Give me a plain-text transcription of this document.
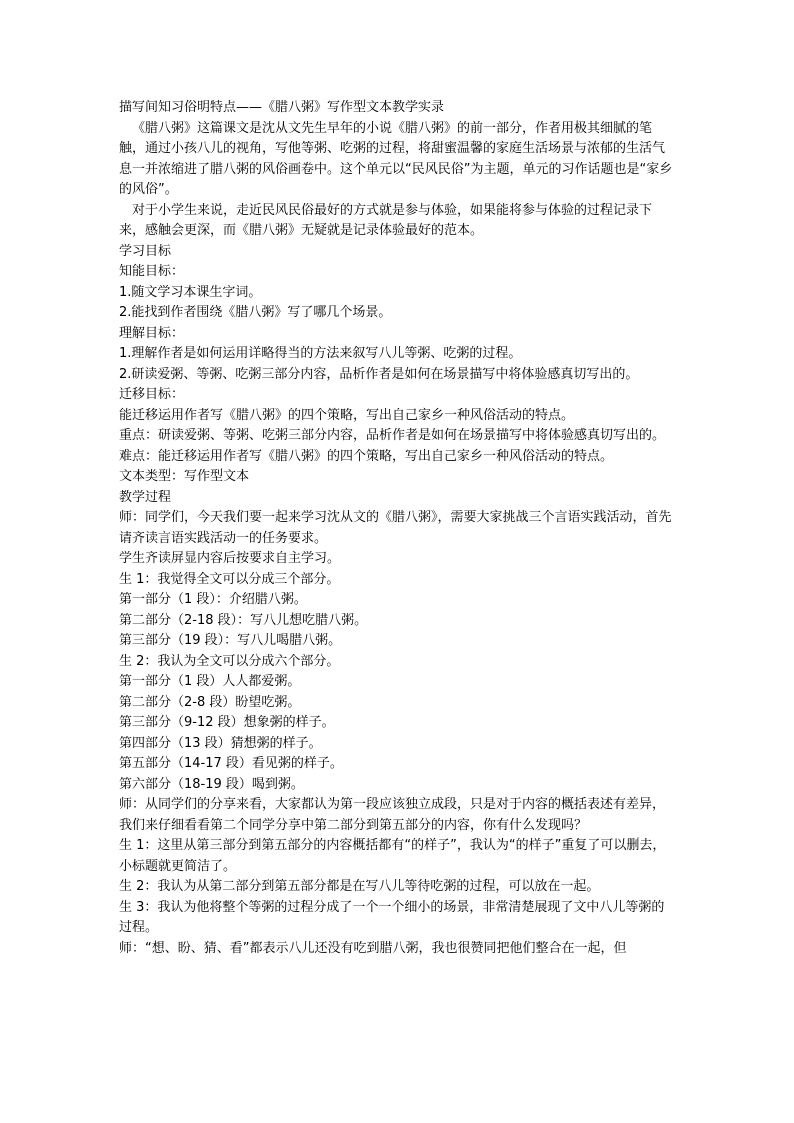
描写间知习俗明特点——《腊八粥》写作型文本教学实录

《腊八粥》这篇课文是沈从文先生早年的小说《腊八粥》的前一部分，作者用极其细腻的笔触，通过小孩八儿的视角，写他等粥、吃粥的过程，将甜蜜温馨的家庭生活场景与浓郁的生活气息一并浓缩进了腊八粥的风俗画卷中。这个单元以“民风民俗”为主题，单元的习作话题也是“家乡的风俗”。

对于小学生来说，走近民风民俗最好的方式就是参与体验，如果能将参与体验的过程记录下来，感触会更深，而《腊八粥》无疑就是记录体验最好的范本。

学习目标

知能目标：

1.随文学习本课生字词。

2.能找到作者围绕《腊八粥》写了哪几个场景。

理解目标：

1.理解作者是如何运用详略得当的方法来叙写八儿等粥、吃粥的过程。

2.研读爱粥、等粥、吃粥三部分内容，品析作者是如何在场景描写中将体验感真切写出的。

迁移目标：

能迁移运用作者写《腊八粥》的四个策略，写出自己家乡一种风俗活动的特点。

重点：研读爱粥、等粥、吃粥三部分内容，品析作者是如何在场景描写中将体验感真切写出的。

难点：能迁移运用作者写《腊八粥》的四个策略，写出自己家乡一种风俗活动的特点。

文本类型：写作型文本

教学过程

师：同学们，今天我们要一起来学习沈从文的《腊八粥》，需要大家挑战三个言语实践活动，首先请齐读言语实践活动一的任务要求。

学生齐读屏显内容后按要求自主学习。

生 1：我觉得全文可以分成三个部分。

第一部分（1 段）：介绍腊八粥。

第二部分（2-18 段）：写八儿想吃腊八粥。

第三部分（19 段）：写八儿喝腊八粥。

生 2：我认为全文可以分成六个部分。

第一部分（1 段）人人都爱粥。

第二部分（2-8 段）盼望吃粥。

第三部分（9-12 段）想象粥的样子。

第四部分（13 段）猜想粥的样子。

第五部分（14-17 段）看见粥的样子。

第六部分（18-19 段）喝到粥。

师：从同学们的分享来看，大家都认为第一段应该独立成段，只是对于内容的概括表述有差异，我们来仔细看看第二个同学分享中第二部分到第五部分的内容，你有什么发现吗？

生 1：这里从第三部分到第五部分的内容概括都有“的样子”，我认为“的样子”重复了可以删去，小标题就更简洁了。

生 2：我认为从第二部分到第五部分都是在写八儿等待吃粥的过程，可以放在一起。

生 3：我认为他将整个等粥的过程分成了一个一个细小的场景，非常清楚展现了文中八儿等粥的过程。

师：“想、盼、猜、看”都表示八儿还没有吃到腊八粥，我也很赞同把他们整合在一起，但
